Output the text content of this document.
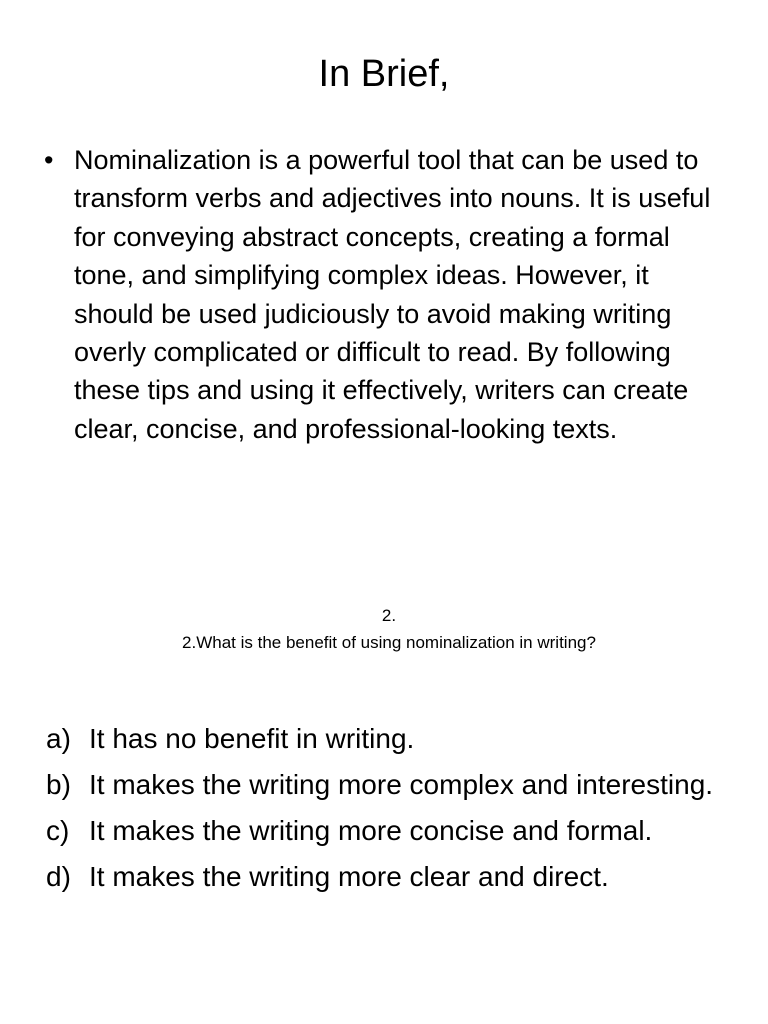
In Brief,
• Nominalization is a powerful tool that can be used to transform verbs and adjectives into nouns. It is useful for conveying abstract concepts, creating a formal tone, and simplifying complex ideas. However, it should be used judiciously to avoid making writing overly complicated or difficult to read. By following these tips and using it effectively, writers can create clear, concise, and professional-looking texts.
2.
2.What is the benefit of using nominalization in writing?
a) It has no benefit in writing.
b) It makes the writing more complex and interesting.
c) It makes the writing more concise and formal.
d) It makes the writing more clear and direct.
